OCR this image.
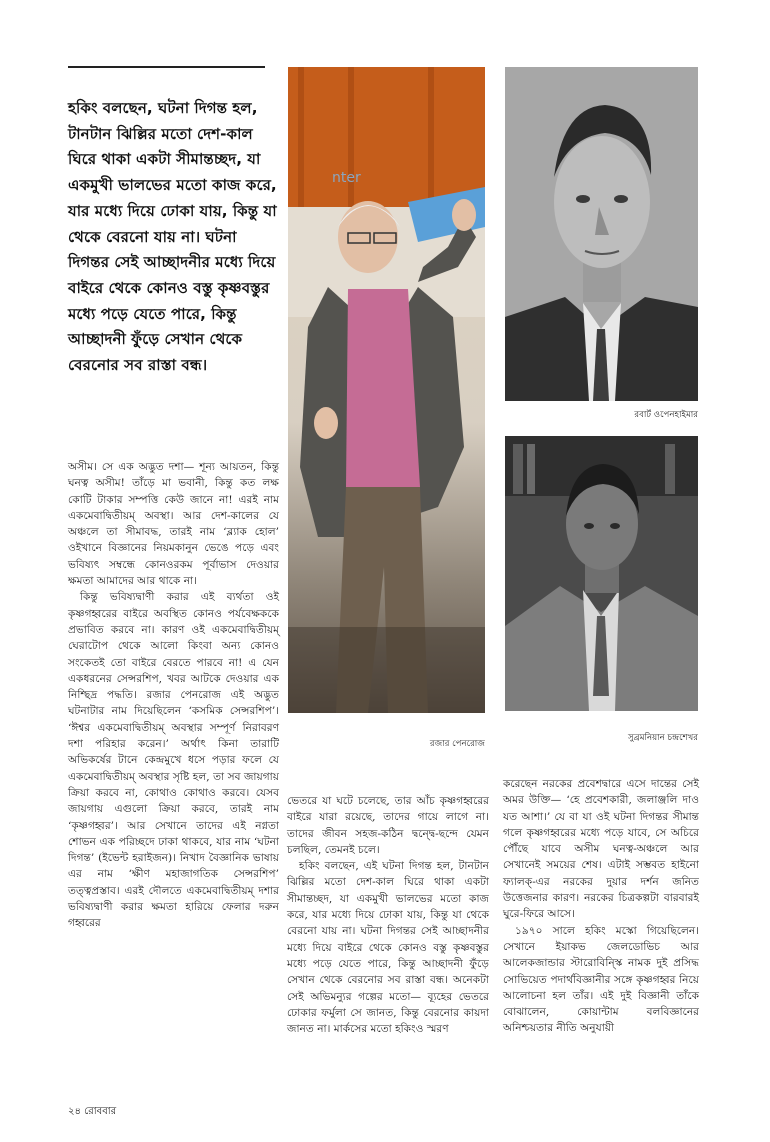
হকিং বলছেন, ঘটনা দিগন্ত হল, টানটান ঝিল্লির মতো দেশ-কাল ঘিরে থাকা একটা সীমান্তচ্ছদ, যা একমুখী ভালভের মতো কাজ করে, যার মধ্যে দিয়ে ঢোকা যায়, কিন্তু যা থেকে বেরনো যায় না। ঘটনা দিগন্তর সেই আচ্ছাদনীর মধ্যে দিয়ে বাইরে থেকে কোনও বস্তু কৃষ্ণবস্তুর মধ্যে পড়ে যেতে পারে, কিন্তু আচ্ছাদনী ফুঁড়ে সেখান থেকে বেরনোর সব রাস্তা বন্ধ।

অসীম। সে এক অদ্ভুত দশা— শূন্য আয়তন, কিন্তু ঘনত্ব অসীম! তাঁড়ে মা ভবানী, কিন্তু কত লক্ষ কোটি টাকার সম্পত্তি কেউ জানে না! এরই নাম একমেবাদ্বিতীয়ম্ অবস্থা। আর দেশ-কালের যে অঞ্চলে তা সীমাবদ্ধ, তারই নাম ‘ব্ল্যাক হোল’ ওইখানে বিজ্ঞানের নিয়মকানুন ভেঙে পড়ে এবং ভবিষ্যৎ সম্বন্ধে কোনওরকম পূর্বাভাস দেওয়ার ক্ষমতা আমাদের আর থাকে না।

কিন্তু ভবিষ্যদ্বাণী করার এই ব্যর্থতা ওই কৃষ্ণগহ্বরের বাইরে অবস্থিত কোনও পর্যবেক্ষককে প্রভাবিত করবে না। কারণ ওই একমেবাদ্বিতীয়ম্ ঘেরাটোপ থেকে আলো কিংবা অন্য কোনও সংকেতই তো বাইরে বেরতে পারবে না! এ যেন একধরনের সেন্সরশিপ, খবর আটকে দেওয়ার এক নিশ্ছিদ্র পদ্ধতি। রজার পেনরোজ এই অদ্ভুত ঘটনাটার নাম দিয়েছিলেন ‘কসমিক সেন্সরশিপ’। ‘ঈশ্বর একমেবাদ্বিতীয়ম্ অবস্থার সম্পূর্ণ নিরাবরণ দশা পরিহার করেন।’ অর্থাৎ কিনা তারাটি অভিকর্ষের টানে কেন্দ্রমুখে ধসে পড়ার ফলে যে একমেবাদ্বিতীয়ম্ অবস্থার সৃষ্টি হল, তা সব জায়গায় ক্রিয়া করবে না, কোথাও কোথাও করবে। যেসব জায়গায় এগুলো ক্রিয়া করবে, তারই নাম ‘কৃষ্ণগহ্বর’। আর সেখানে তাদের এই নগ্নতা শোভন এক পরিচ্ছদে ঢাকা থাকবে, যার নাম ‘ঘটনা দিগন্ত’ (ইভেন্ট হরাইজন)। নিখাদ বৈজ্ঞানিক ভাষায় এর নাম ‘ক্ষীণ মহাজাগতিক সেন্সরশিপ’ তত্ত্বপ্রস্তাব। এরই দৌলতে একমেবাদ্বিতীয়ম্ দশার ভবিষ্যদ্বাণী করার ক্ষমতা হারিয়ে ফেলার দরুন গহ্বরের

nter
রজার পেনরোজ
রবার্ট ওপেনহাইমার
সুব্রমনিয়ান চন্দ্রশেখর

ভেতরে যা ঘটে চলেছে, তার আঁচ কৃষ্ণগহ্বরের বাইরে যারা রয়েছে, তাদের গায়ে লাগে না। তাদের জীবন সহজ-কঠিন দ্বন্দ্বে-ছন্দে যেমন চলছিল, তেমনই চলে।

হকিং বলছেন, এই ঘটনা দিগন্ত হল, টানটান ঝিল্লির মতো দেশ-কাল ঘিরে থাকা একটা সীমান্তচ্ছদ, যা একমুখী ভালভের মতো কাজ করে, যার মধ্যে দিয়ে ঢোকা যায়, কিন্তু যা থেকে বেরনো যায় না। ঘটনা দিগন্তর সেই আচ্ছাদনীর মধ্যে দিয়ে বাইরে থেকে কোনও বস্তু কৃষ্ণবস্তুর মধ্যে পড়ে যেতে পারে, কিন্তু আচ্ছাদনী ফুঁড়ে সেখান থেকে বেরনোর সব রাস্তা বন্ধ। অনেকটা সেই অভিমন্যুর গল্পের মতো— ব্যূহের ভেতরে ঢোকার ফর্মুলা সে জানত, কিন্তু বেরনোর কায়দা জানত না। মার্কসের মতো হকিংও স্মরণ

করেছেন নরকের প্রবেশদ্বারে এসে দান্তের সেই অমর উক্তি— ‘হে প্রবেশকারী, জলাঞ্জলি দাও যত আশা।’ যে বা যা ওই ঘটনা দিগন্তর সীমান্ত গলে কৃষ্ণগহ্বরের মধ্যে পড়ে যাবে, সে অচিরে পৌঁছে যাবে অসীম ঘনত্ব-অঞ্চলে আর সেখানেই সময়ের শেষ। এটাই সম্ভবত হাইনো ফ্যালক্-এর নরকের দুয়ার দর্শন জনিত উত্তেজনার কারণ। নরকের চিত্রকল্পটা বারবারই ঘুরে-ফিরে আসে।

১৯৭০ সালে হকিং মস্কো গিয়েছিলেন। সেখানে ইয়াকভ জেলডোভিচ আর আলেকজান্ডার স্টারোবিন্স্কি নামক দুই প্রসিদ্ধ সোভিয়েত পদার্থবিজ্ঞানীর সঙ্গে কৃষ্ণগহ্বর নিয়ে আলোচনা হল তাঁর। এই দুই বিজ্ঞানী তাঁকে বোঝালেন, কোয়ান্টাম বলবিজ্ঞানের অনিশ্চয়তার নীতি অনুযায়ী

২৪ রোববার
